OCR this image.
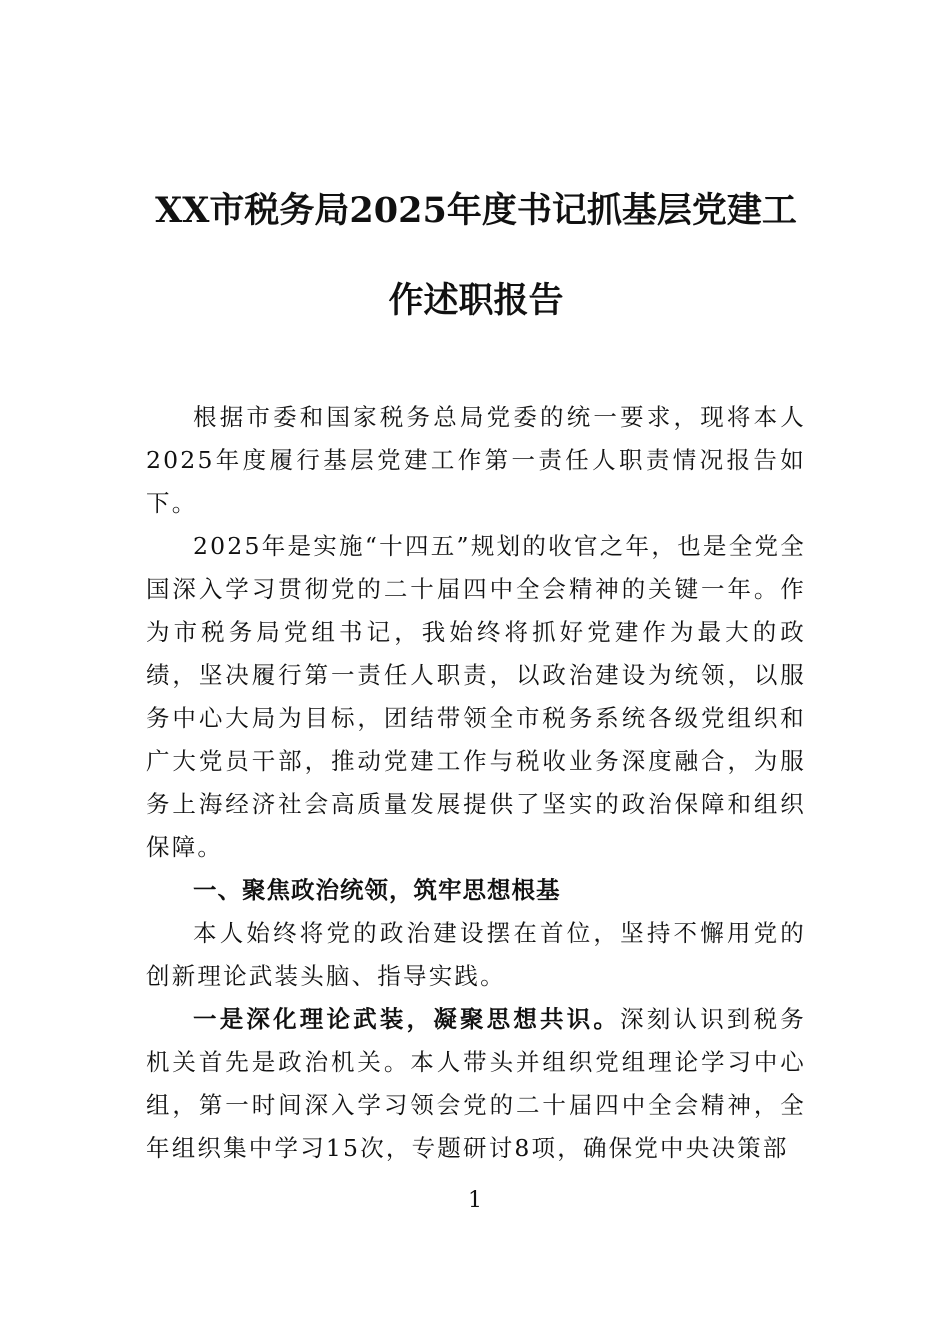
XX市税务局2025年度书记抓基层党建工
作述职报告

根据市委和国家税务总局党委的统一要求，现将本人2025年度履行基层党建工作第一责任人职责情况报告如下。

2025年是实施“十四五”规划的收官之年，也是全党全国深入学习贯彻党的二十届四中全会精神的关键一年。作为市税务局党组书记，我始终将抓好党建作为最大的政绩，坚决履行第一责任人职责，以政治建设为统领，以服务中心大局为目标，团结带领全市税务系统各级党组织和广大党员干部，推动党建工作与税收业务深度融合，为服务上海经济社会高质量发展提供了坚实的政治保障和组织保障。

一、聚焦政治统领，筑牢思想根基

本人始终将党的政治建设摆在首位，坚持不懈用党的创新理论武装头脑、指导实践。

一是深化理论武装，凝聚思想共识。深刻认识到税务机关首先是政治机关。本人带头并组织党组理论学习中心组，第一时间深入学习领会党的二十届四中全会精神，全年组织集中学习15次，专题研讨8项，确保党中央决策部

1
